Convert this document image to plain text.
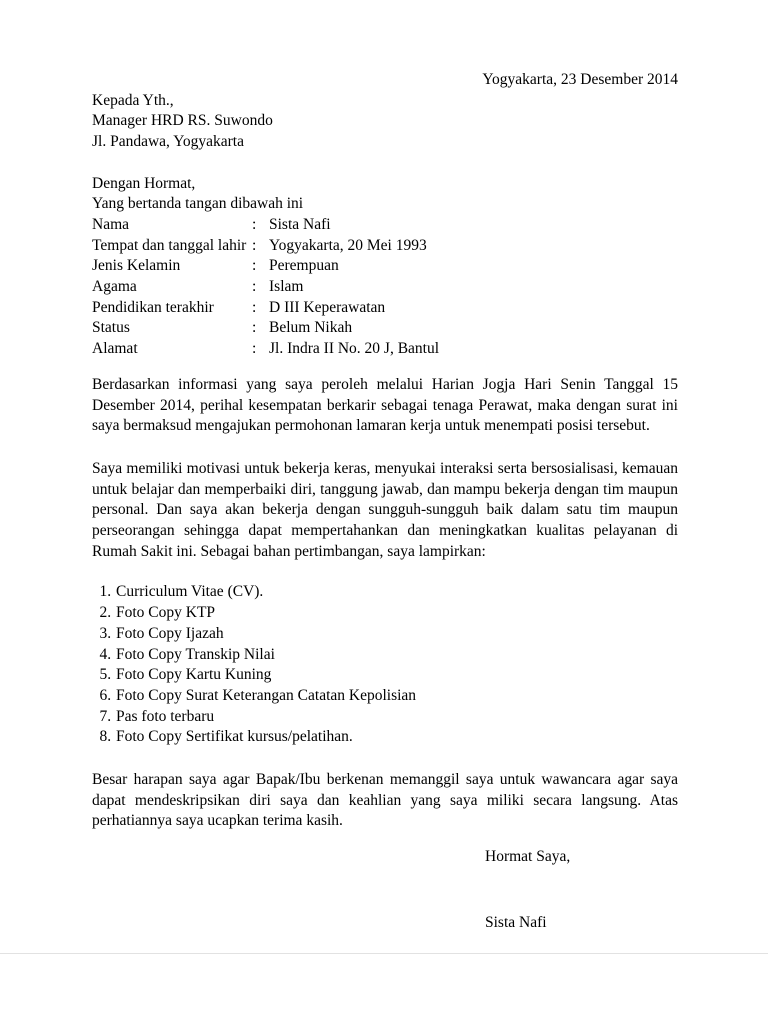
Yogyakarta, 23 Desember 2014
Kepada Yth.,
Manager HRD RS. Suwondo
Jl. Pandawa, Yogyakarta
Dengan Hormat,
Yang bertanda tangan dibawah ini
Nama	: Sista Nafi
Tempat dan tanggal lahir : Yogyakarta, 20 Mei 1993
Jenis Kelamin	: Perempuan
Agama	: Islam
Pendidikan terakhir	: D III Keperawatan
Status	: Belum Nikah
Alamat	: Jl. Indra II No. 20 J, Bantul

Berdasarkan informasi yang saya peroleh melalui Harian Jogja Hari Senin Tanggal 15 Desember 2014, perihal kesempatan berkarir sebagai tenaga Perawat, maka dengan surat ini saya bermaksud mengajukan permohonan lamaran kerja untuk menempati posisi tersebut.

Saya memiliki motivasi untuk bekerja keras, menyukai interaksi serta bersosialisasi, kemauan untuk belajar dan memperbaiki diri, tanggung jawab, dan mampu bekerja dengan tim maupun personal. Dan saya akan bekerja dengan sungguh-sungguh baik dalam satu tim maupun perseorangan sehingga dapat mempertahankan dan meningkatkan kualitas pelayanan di Rumah Sakit ini. Sebagai bahan pertimbangan, saya lampirkan:

1. Curriculum Vitae (CV).
2. Foto Copy KTP
3. Foto Copy Ijazah
4. Foto Copy Transkip Nilai
5. Foto Copy Kartu Kuning
6. Foto Copy Surat Keterangan Catatan Kepolisian
7. Pas foto terbaru
8. Foto Copy Sertifikat kursus/pelatihan.

Besar harapan saya agar Bapak/Ibu berkenan memanggil saya untuk wawancara agar saya dapat mendeskripsikan diri saya dan keahlian yang saya miliki secara langsung. Atas perhatiannya saya ucapkan terima kasih.

Hormat Saya,
Sista Nafi
